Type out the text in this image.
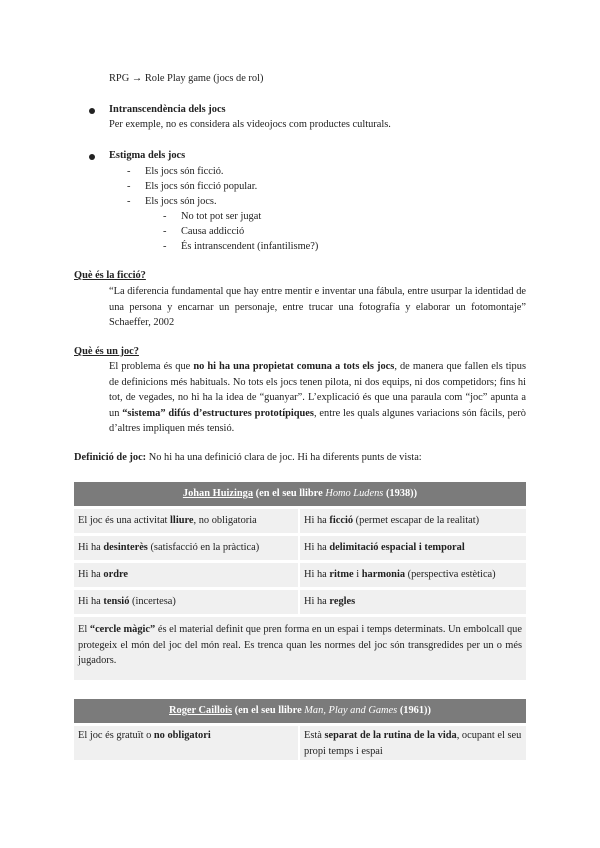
RPG → Role Play game (jocs de rol)
Intranscendència dels jocs
Per exemple, no es considera als videojocs com productes culturals.
Estigma dels jocs
- Els jocs són ficció.
- Els jocs són ficció popular.
- Els jocs són jocs.
- No tot pot ser jugat
- Causa addicció
- És intranscendent (infantilisme?)
Què és la ficció?
“La diferencia fundamental que hay entre mentir e inventar una fábula, entre usurpar la identidad de una persona y encarnar un personaje, entre trucar una fotografía y elaborar un fotomontaje” Schaeffer, 2002
Què és un joc?
El problema és que no hi ha una propietat comuna a tots els jocs, de manera que fallen els tipus de definicions més habituals. No tots els jocs tenen pilota, ni dos equips, ni dos competidors; fins hi tot, de vegades, no hi ha la idea de “guanyar”. L’explicació és que una paraula com “joc” apunta a un “sistema” difús d’estructures prototípiques, entre les quals algunes variacions són fàcils, però d’altres impliquen més tensió.
Definició de joc: No hi ha una definició clara de joc. Hi ha diferents punts de vista:
Johan Huizinga (en el seu llibre Homo Ludens (1938))
El joc és una activitat lliure, no obligatoria	Hi ha ficció (permet escapar de la realitat)
Hi ha desinterès (satisfacció en la pràctica)	Hi ha delimitació espacial i temporal
Hi ha ordre	Hi ha ritme i harmonia (perspectiva estètica)
Hi ha tensió (incertesa)	Hi ha regles
El “cercle màgic” és el material definit que pren forma en un espai i temps determinats. Un embolcall que protegeix el món del joc del món real. Es trenca quan les normes del joc són transgredides per un o més jugadors.
Roger Caillois (en el seu llibre Man, Play and Games (1961))
El joc és gratuït o no obligatori	Està separat de la rutina de la vida, ocupant el seu propi temps i espai
